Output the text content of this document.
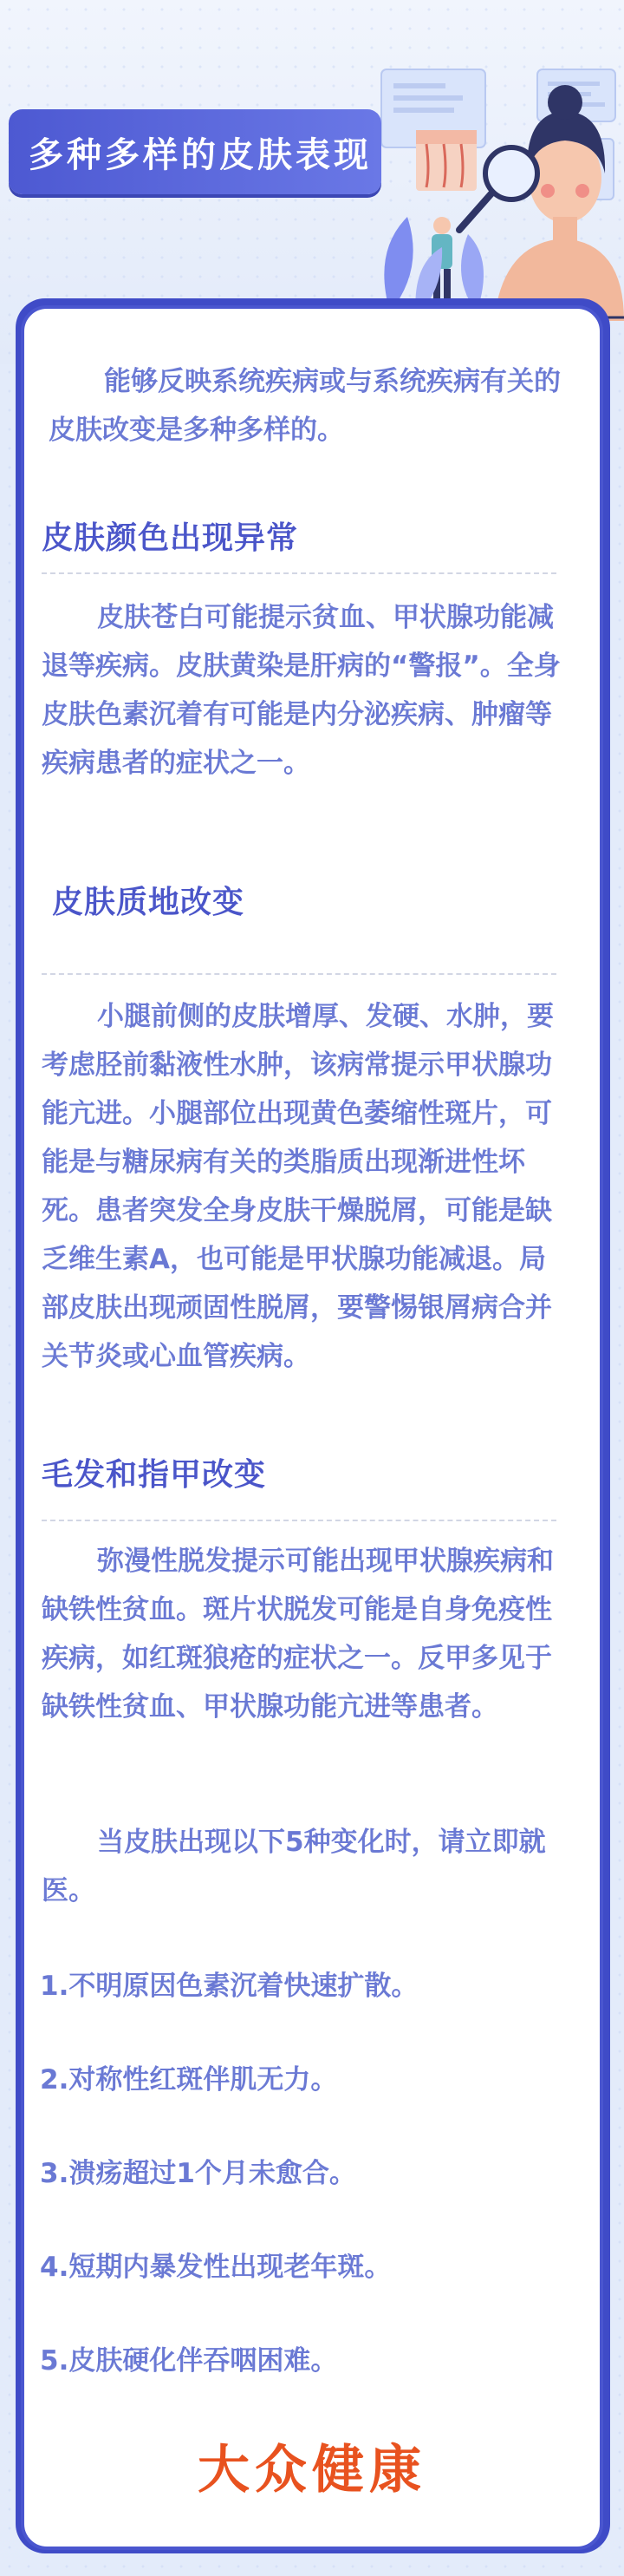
多种多样的皮肤表现
能够反映系统疾病或与系统疾病有关的皮肤改变是多种多样的。
皮肤颜色出现异常
皮肤苍白可能提示贫血、甲状腺功能减退等疾病。皮肤黄染是肝病的“警报”。全身皮肤色素沉着有可能是内分泌疾病、肿瘤等疾病患者的症状之一。
皮肤质地改变
小腿前侧的皮肤增厚、发硬、水肿，要考虑胫前黏液性水肿，该病常提示甲状腺功能亢进。小腿部位出现黄色萎缩性斑片，可能是与糖尿病有关的类脂质出现渐进性坏死。患者突发全身皮肤干燥脱屑，可能是缺乏维生素A，也可能是甲状腺功能减退。局部皮肤出现顽固性脱屑，要警惕银屑病合并关节炎或心血管疾病。
毛发和指甲改变
弥漫性脱发提示可能出现甲状腺疾病和缺铁性贫血。斑片状脱发可能是自身免疫性疾病，如红斑狼疮的症状之一。反甲多见于缺铁性贫血、甲状腺功能亢进等患者。
当皮肤出现以下5种变化时，请立即就医。
1.不明原因色素沉着快速扩散。
2.对称性红斑伴肌无力。
3.溃疡超过1个月未愈合。
4.短期内暴发性出现老年斑。
5.皮肤硬化伴吞咽困难。
大众健康
